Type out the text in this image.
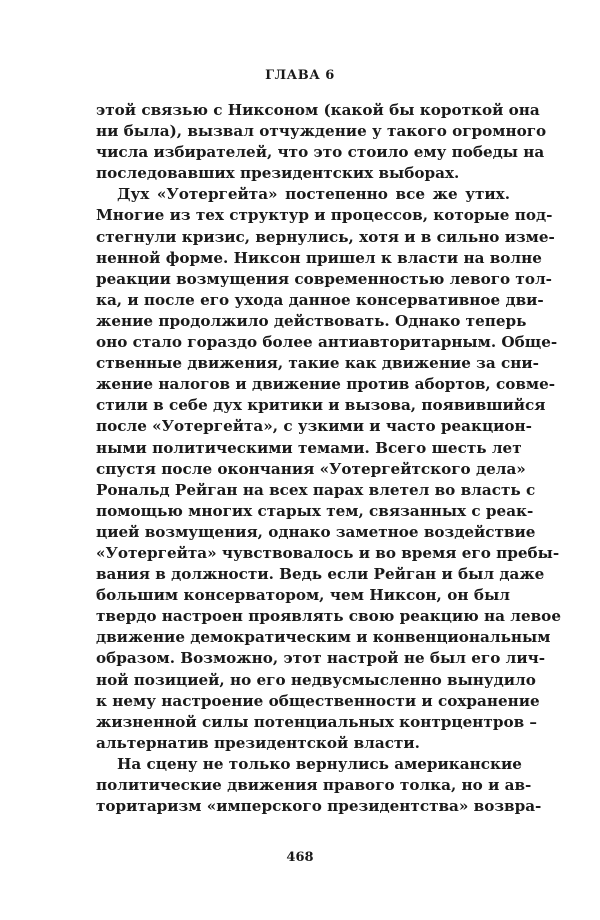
ГЛАВА 6
этой связью с Никсоном (какой бы короткой она
ни была), вызвал отчуждение у такого огромного
числа избирателей, что это стоило ему победы на
последовавших президентских выборах.
Дух «Уотергейта» постепенно все же утих.
Многие из тех структур и процессов, которые под-
стегнули кризис, вернулись, хотя и в сильно изме-
ненной форме. Никсон пришел к власти на волне
реакции возмущения современностью левого тол-
ка, и после его ухода данное консервативное дви-
жение продолжило действовать. Однако теперь
оно стало гораздо более антиавторитарным. Обще-
ственные движения, такие как движение за сни-
жение налогов и движение против абортов, совме-
стили в себе дух критики и вызова, появившийся
после «Уотергейта», с узкими и часто реакцион-
ными политическими темами. Всего шесть лет
спустя после окончания «Уотергейтского дела»
Рональд Рейган на всех парах влетел во власть с
помощью многих старых тем, связанных с реак-
цией возмущения, однако заметное воздействие
«Уотергейта» чувствовалось и во время его пребы-
вания в должности. Ведь если Рейган и был даже
большим консерватором, чем Никсон, он был
твердо настроен проявлять свою реакцию на левое
движение демократическим и конвенциональным
образом. Возможно, этот настрой не был его лич-
ной позицией, но его недвусмысленно вынудило
к нему настроение общественности и сохранение
жизненной силы потенциальных контрцентров –
альтернатив президентской власти.
На сцену не только вернулись американские
политические движения правого толка, но и ав-
торитаризм «имперского президентства» возвра-
468
